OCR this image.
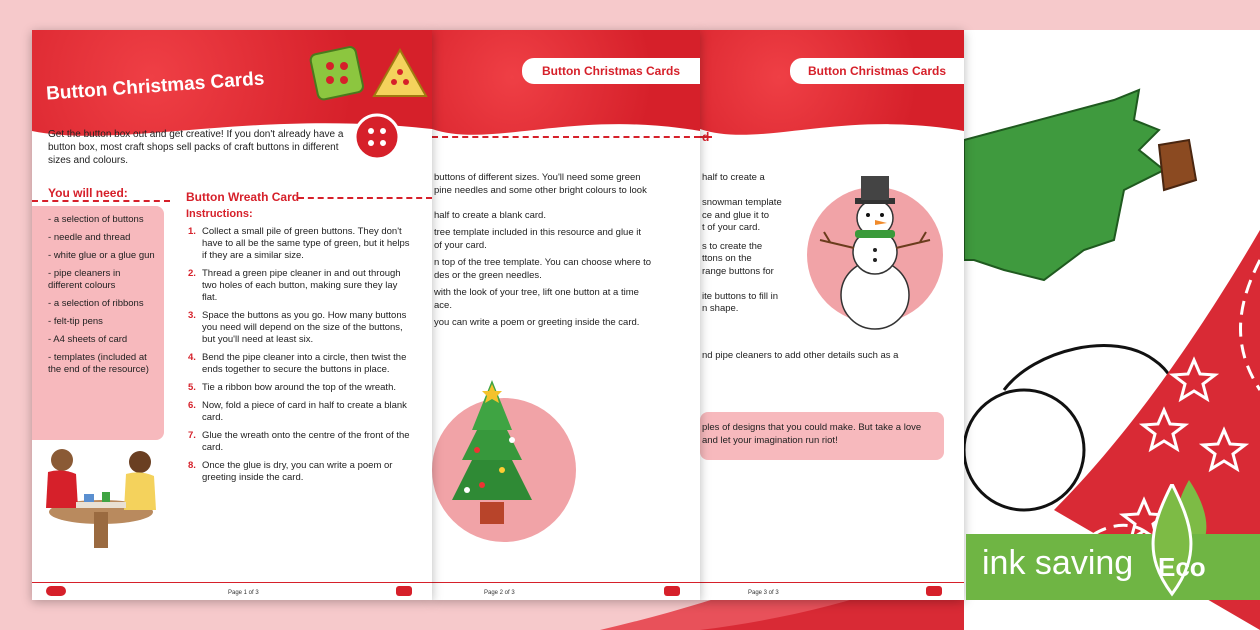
Button Christmas Cards
d
half to create a

snowman template
ce and glue it to
t of your card.
s to create the
ttons on the
range buttons for

ite buttons to fill in
n shape.
nd pipe cleaners to add other details such as a
ples of designs that you could make. But take a love and let your imagination run riot!
Page 3 of 3
Button Christmas Cards
buttons of different sizes. You'll need some green
pine needles and some other bright colours to look

half to create a blank card.
tree template included in this resource and glue it
of your card.
n top of the tree template. You can choose where to
des or the green needles.
with the look of your tree, lift one button at a time
ace.
you can write a poem or greeting inside the card.
Page 2 of 3
Button Christmas Cards
Get the button box out and get creative! If you don't already have a button box, most craft shops sell packs of craft buttons in different sizes and colours.
You will need:
- a selection of buttons
- needle and thread
- white glue or a glue gun
- pipe cleaners in different colours
- a selection of ribbons
- felt-tip pens
- A4 sheets of card
- templates (included at the end of the resource)
Button Wreath Card
Instructions:
1. Collect a small pile of green buttons. They don't have to all be the same type of green, but it helps if they are a similar size.
2. Thread a green pipe cleaner in and out through two holes of each button, making sure they lay flat.
3. Space the buttons as you go. How many buttons you need will depend on the size of the buttons, but you'll need at least six.
4. Bend the pipe cleaner into a circle, then twist the ends together to secure the buttons in place.
5. Tie a ribbon bow around the top of the wreath.
6. Now, fold a piece of card in half to create a blank card.
7. Glue the wreath onto the centre of the front of the card.
8. Once the glue is dry, you can write a poem or greeting inside the card.
Page 1 of 3
ink saving Eco
